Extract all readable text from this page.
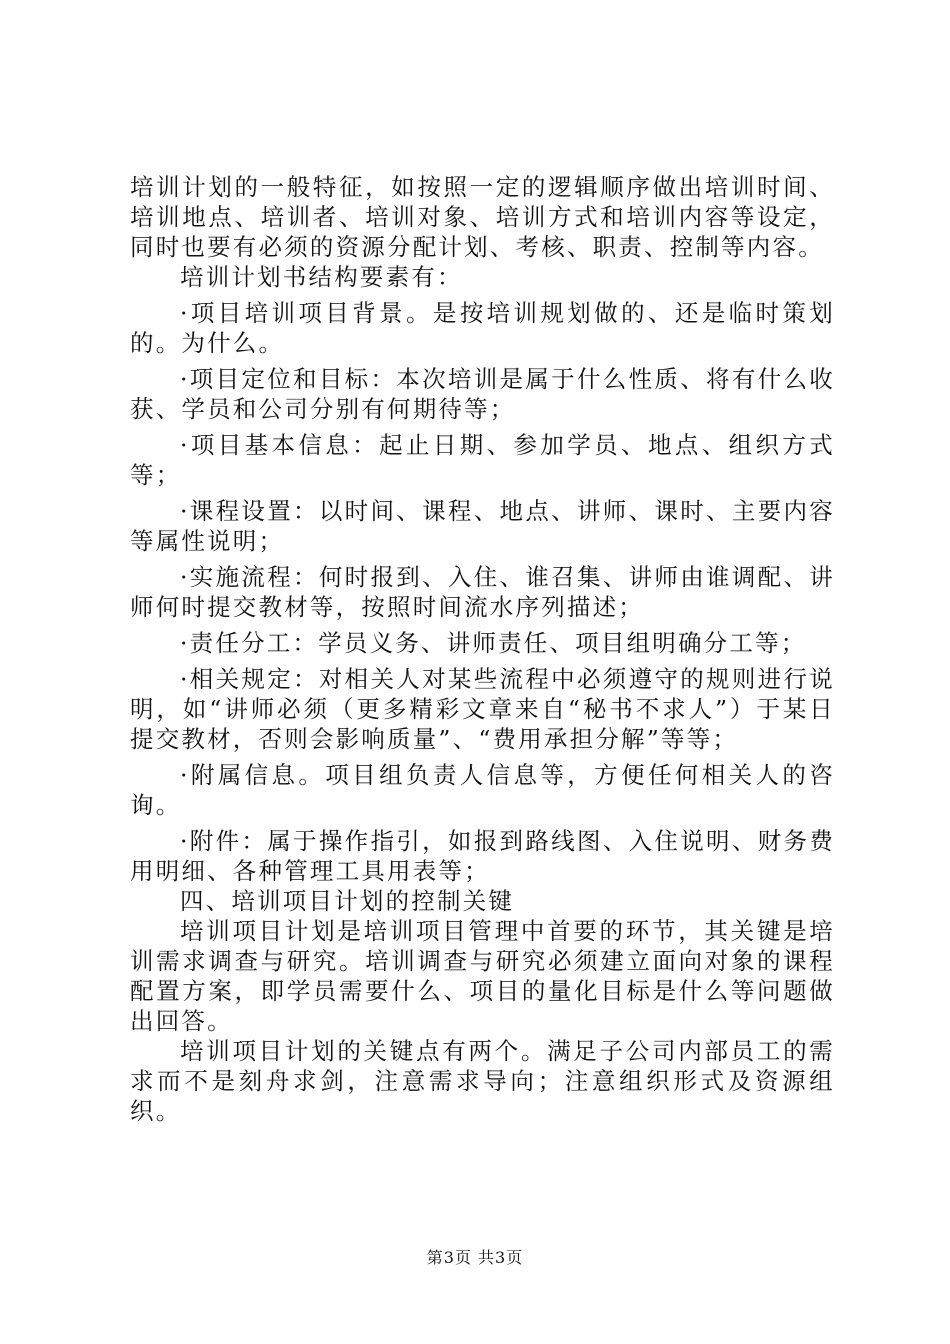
培训计划的一般特征，如按照一定的逻辑顺序做出培训时间、培训地点、培训者、培训对象、培训方式和培训内容等设定，同时也要有必须的资源分配计划、考核、职责、控制等内容。

培训计划书结构要素有：

·项目培训项目背景。是按培训规划做的、还是临时策划的。为什么。

·项目定位和目标：本次培训是属于什么性质、将有什么收获、学员和公司分别有何期待等；

·项目基本信息：起止日期、参加学员、地点、组织方式等；

·课程设置：以时间、课程、地点、讲师、课时、主要内容等属性说明；

·实施流程：何时报到、入住、谁召集、讲师由谁调配、讲师何时提交教材等，按照时间流水序列描述；

·责任分工：学员义务、讲师责任、项目组明确分工等；

·相关规定：对相关人对某些流程中必须遵守的规则进行说明，如“讲师必须（更多精彩文章来自“秘书不求人”）于某日提交教材，否则会影响质量”、“费用承担分解”等等；

·附属信息。项目组负责人信息等，方便任何相关人的咨询。

·附件：属于操作指引，如报到路线图、入住说明、财务费用明细、各种管理工具用表等；

四、培训项目计划的控制关键

培训项目计划是培训项目管理中首要的环节，其关键是培训需求调查与研究。培训调查与研究必须建立面向对象的课程配置方案，即学员需要什么、项目的量化目标是什么等问题做出回答。

培训项目计划的关键点有两个。满足子公司内部员工的需求而不是刻舟求剑，注意需求导向；注意组织形式及资源组织。

第3页 共3页
